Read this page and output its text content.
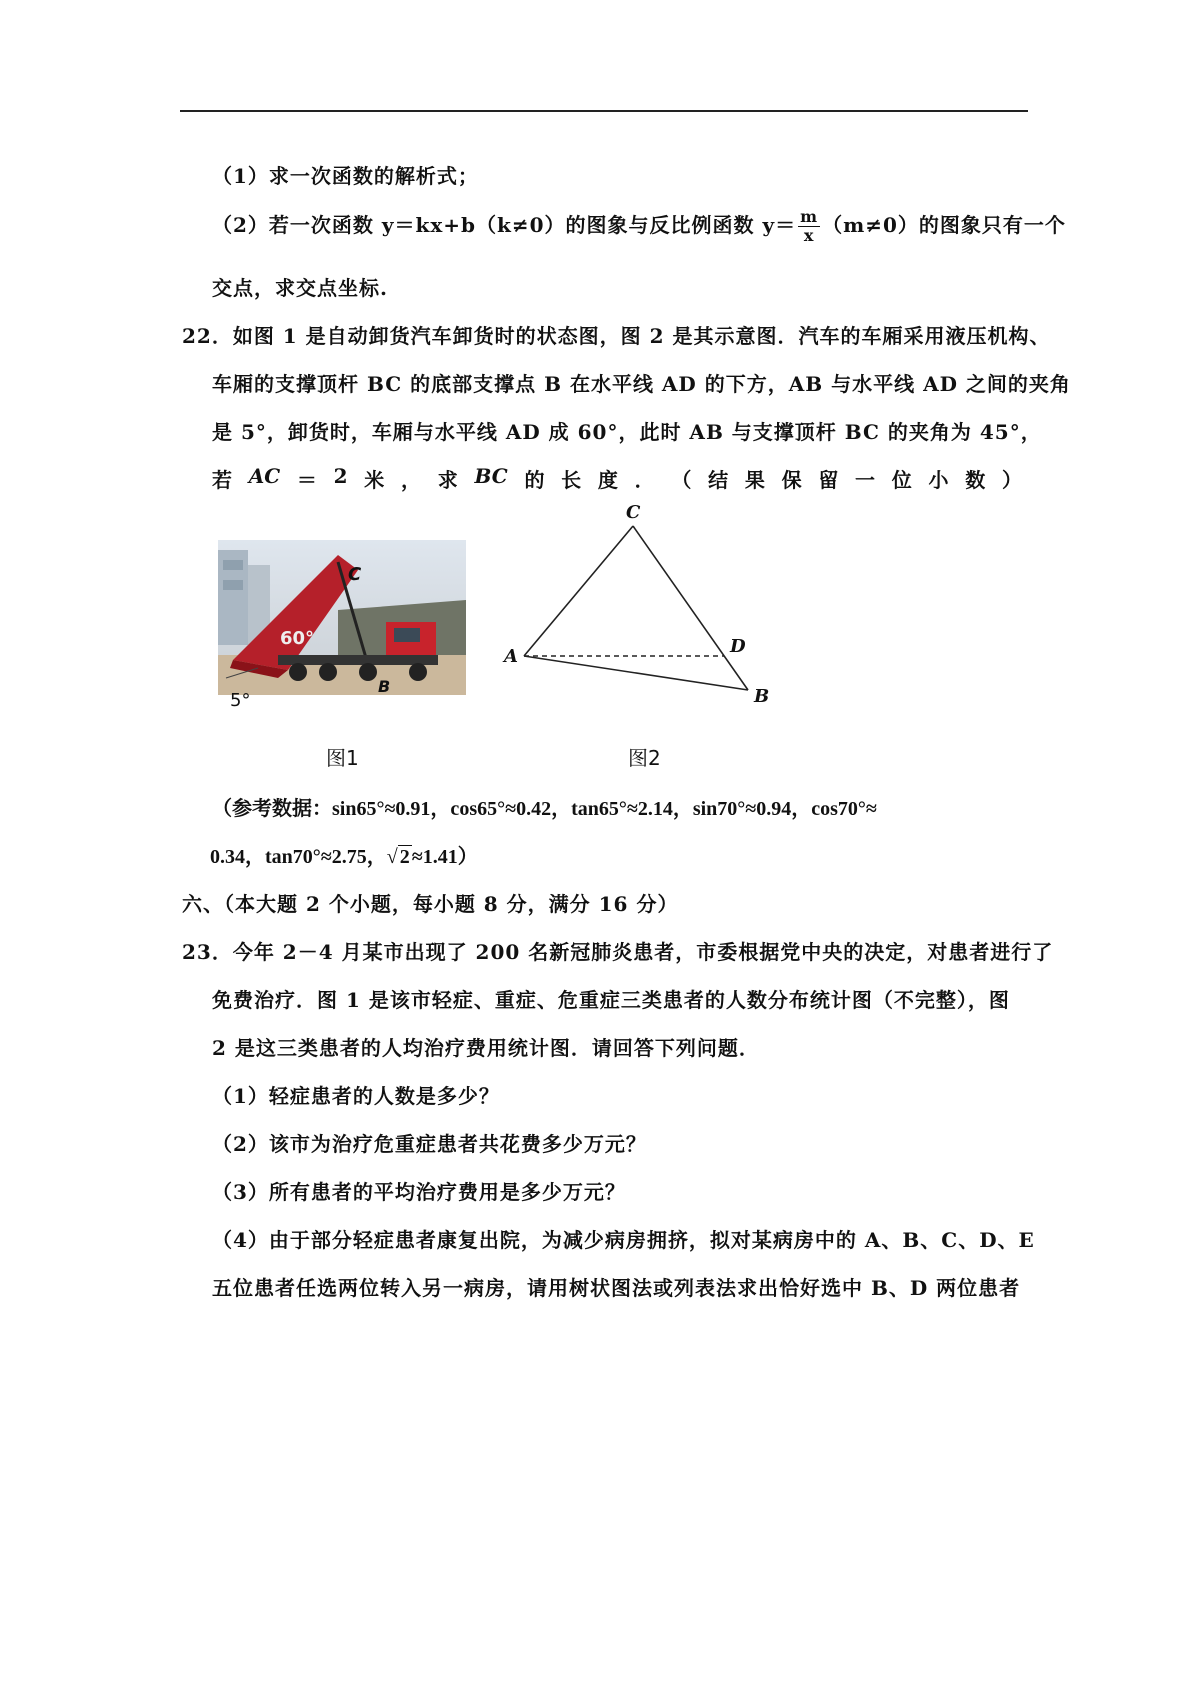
（1）求一次函数的解析式；
（2）若一次函数 y＝kx+b（k≠0）的图象与反比例函数 $y= \frac{m}{x} (m\ne 0)$的图象只有一个
交点，求交点坐标.
22．如图 1 是自动卸货汽车卸货时的状态图，图 2 是其示意图．汽车的车厢采用液压机构、
车厢的支撑顶杆 BC 的底部支撑点 B 在水平线 AD 的下方，AB 与水平线 AD 之间的夹角
是 5°，卸货时，车厢与水平线 AD 成 60°，此时 AB 与支撑顶杆 BC 的夹角为 45°，
若 AC ＝ 2 米 ， 求 BC 的 长 度 ． （ 结 果 保 留 一 位 小 数 ）
C
60°
B
5°
C
A	D
B
图1	图2
（参考数据：sin65°≈0.91，cos65°≈0.42，tan65°≈2.14，sin70°≈0.94，cos70°≈
0.34，tan70°≈2.75，√ 2 ≈1.41）
六、（本大题 2 个小题，每小题 8 分，满分 16 分）
23．今年 2－4 月某市出现了 200 名新冠肺炎患者，市委根据党中央的决定，对患者进行了
免费治疗．图 1 是该市轻症、重症、危重症三类患者的人数分布统计图（不完整），图
2 是这三类患者的人均治疗费用统计图．请回答下列问题．
（1）轻症患者的人数是多少？
（2）该市为治疗危重症患者共花费多少万元？
（3）所有患者的平均治疗费用是多少万元？
（4）由于部分轻症患者康复出院，为减少病房拥挤，拟对某病房中的 A、B、C、D、E
五位患者任选两位转入另一病房，请用树状图法或列表法求出恰好选中 B、D 两位患者
